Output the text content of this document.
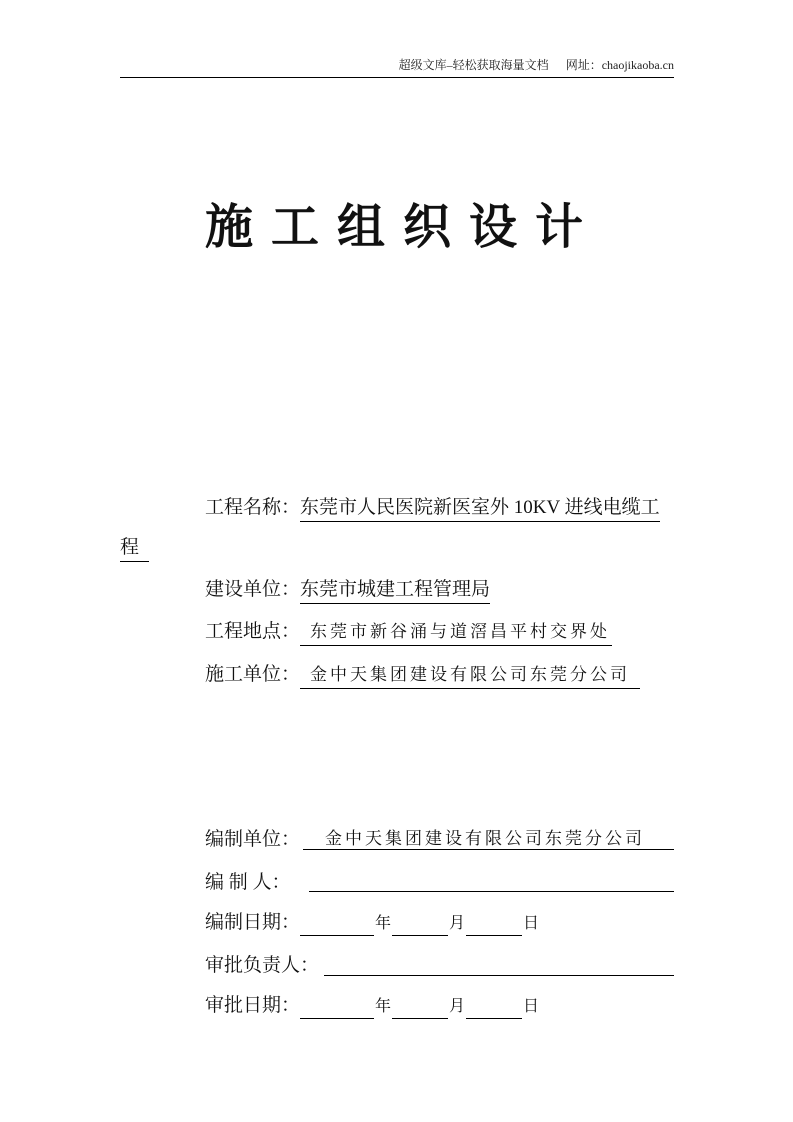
超级文库–轻松获取海量文档 网址：chaojikaoba.cn
施工组织设计
工程名称：东莞市人民医院新医室外 10KV 进线电缆工
程
建设单位：东莞市城建工程管理局
工程地点： 东莞市新谷涌与道滘昌平村交界处
施工单位： 金中天集团建设有限公司东莞分公司
编制单位：	金中天集团建设有限公司东莞分公司
编 制 人：
编制日期：	年	月	日
审批负责人：
审批日期：	年	月	日
